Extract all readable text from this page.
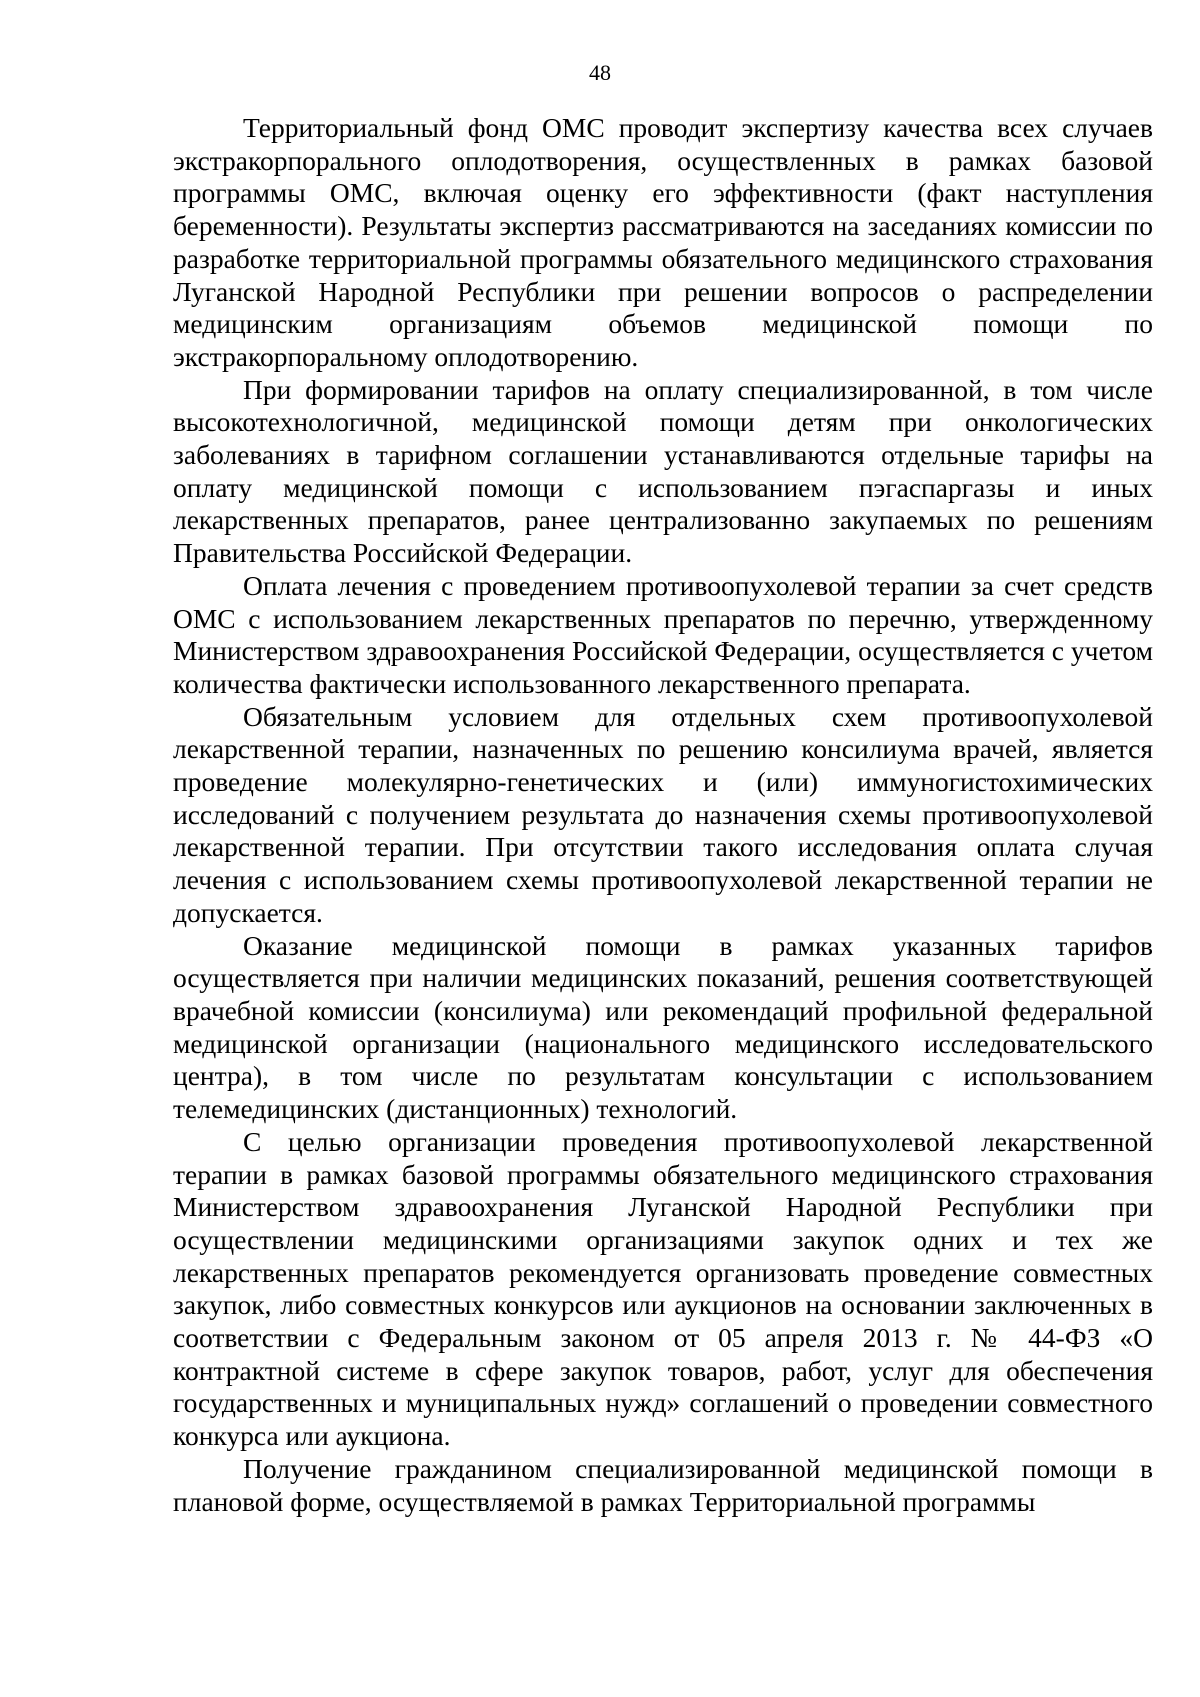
48

Территориальный фонд ОМС проводит экспертизу качества всех случаев экстракорпорального оплодотворения, осуществленных в рамках базовой программы ОМС, включая оценку его эффективности (факт наступления беременности). Результаты экспертиз рассматриваются на заседаниях комиссии по разработке территориальной программы обязательного медицинского страхования Луганской Народной Республики при решении вопросов о распределении медицинским организациям объемов медицинской помощи по экстракорпоральному оплодотворению.

При формировании тарифов на оплату специализированной, в том числе высокотехнологичной, медицинской помощи детям при онкологических заболеваниях в тарифном соглашении устанавливаются отдельные тарифы на оплату медицинской помощи с использованием пэгаспаргазы и иных лекарственных препаратов, ранее централизованно закупаемых по решениям Правительства Российской Федерации.

Оплата лечения с проведением противоопухолевой терапии за счет средств ОМС с использованием лекарственных препаратов по перечню, утвержденному Министерством здравоохранения Российской Федерации, осуществляется с учетом количества фактически использованного лекарственного препарата.

Обязательным условием для отдельных схем противоопухолевой лекарственной терапии, назначенных по решению консилиума врачей, является проведение молекулярно-генетических и (или) иммуногистохимических исследований с получением результата до назначения схемы противоопухолевой лекарственной терапии. При отсутствии такого исследования оплата случая лечения с использованием схемы противоопухолевой лекарственной терапии не допускается.

Оказание медицинской помощи в рамках указанных тарифов осуществляется при наличии медицинских показаний, решения соответствующей врачебной комиссии (консилиума) или рекомендаций профильной федеральной медицинской организации (национального медицинского исследовательского центра), в том числе по результатам консультации с использованием телемедицинских (дистанционных) технологий.

С целью организации проведения противоопухолевой лекарственной терапии в рамках базовой программы обязательного медицинского страхования Министерством здравоохранения Луганской Народной Республики при осуществлении медицинскими организациями закупок одних и тех же лекарственных препаратов рекомендуется организовать проведение совместных закупок, либо совместных конкурсов или аукционов на основании заключенных в соответствии с Федеральным законом от 05 апреля 2013 г. № 44-ФЗ «О контрактной системе в сфере закупок товаров, работ, услуг для обеспечения государственных и муниципальных нужд» соглашений о проведении совместного конкурса или аукциона.

Получение гражданином специализированной медицинской помощи в плановой форме, осуществляемой в рамках Территориальной программы
